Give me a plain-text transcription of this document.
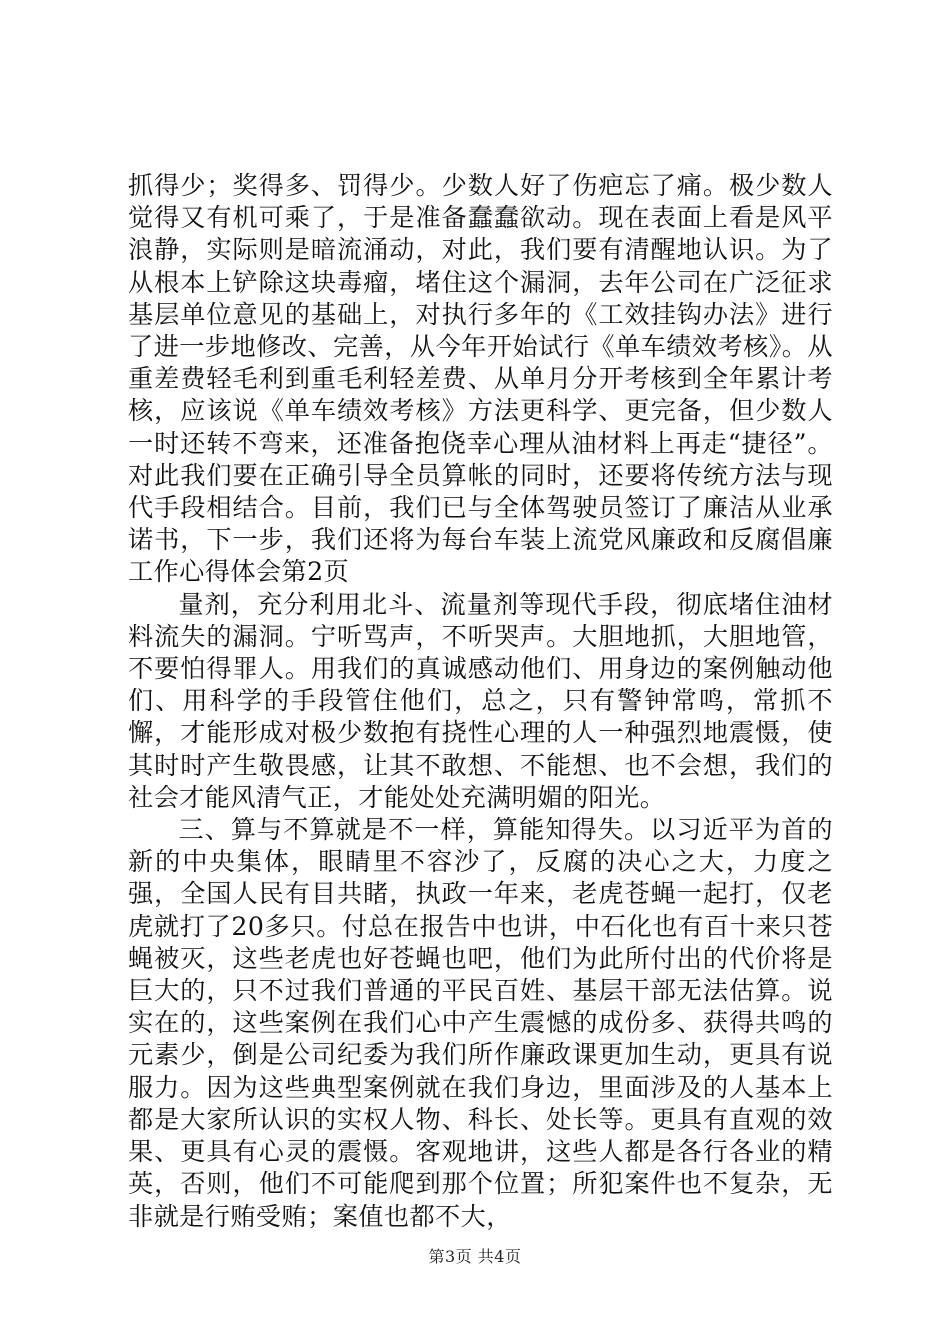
抓得少；奖得多、罚得少。少数人好了伤疤忘了痛。极少数人觉得又有机可乘了，于是准备蠢蠢欲动。现在表面上看是风平浪静，实际则是暗流涌动，对此，我们要有清醒地认识。为了从根本上铲除这块毒瘤，堵住这个漏洞，去年公司在广泛征求基层单位意见的基础上，对执行多年的《工效挂钩办法》进行了进一步地修改、完善，从今年开始试行《单车绩效考核》。从重差费轻毛利到重毛利轻差费、从单月分开考核到全年累计考核，应该说《单车绩效考核》方法更科学、更完备，但少数人一时还转不弯来，还准备抱侥幸心理从油材料上再走“捷径”。对此我们要在正确引导全员算帐的同时，还要将传统方法与现代手段相结合。目前，我们已与全体驾驶员签订了廉洁从业承诺书，下一步，我们还将为每台车装上流党风廉政和反腐倡廉工作心得体会第2页

量剂，充分利用北斗、流量剂等现代手段，彻底堵住油材料流失的漏洞。宁听骂声，不听哭声。大胆地抓，大胆地管，不要怕得罪人。用我们的真诚感动他们、用身边的案例触动他们、用科学的手段管住他们，总之，只有警钟常鸣，常抓不懈，才能形成对极少数抱有挠性心理的人一种强烈地震慑，使其时时产生敬畏感，让其不敢想、不能想、也不会想，我们的社会才能风清气正，才能处处充满明媚的阳光。

三、算与不算就是不一样，算能知得失。以习近平为首的新的中央集体，眼睛里不容沙了，反腐的决心之大，力度之强，全国人民有目共睹，执政一年来，老虎苍蝇一起打，仅老虎就打了20多只。付总在报告中也讲，中石化也有百十来只苍蝇被灭，这些老虎也好苍蝇也吧，他们为此所付出的代价将是巨大的，只不过我们普通的平民百姓、基层干部无法估算。说实在的，这些案例在我们心中产生震憾的成份多、获得共鸣的元素少，倒是公司纪委为我们所作廉政课更加生动，更具有说服力。因为这些典型案例就在我们身边，里面涉及的人基本上都是大家所认识的实权人物、科长、处长等。更具有直观的效果、更具有心灵的震慑。客观地讲，这些人都是各行各业的精英，否则，他们不可能爬到那个位置；所犯案件也不复杂，无非就是行贿受贿；案值也都不大，

第3页 共4页
